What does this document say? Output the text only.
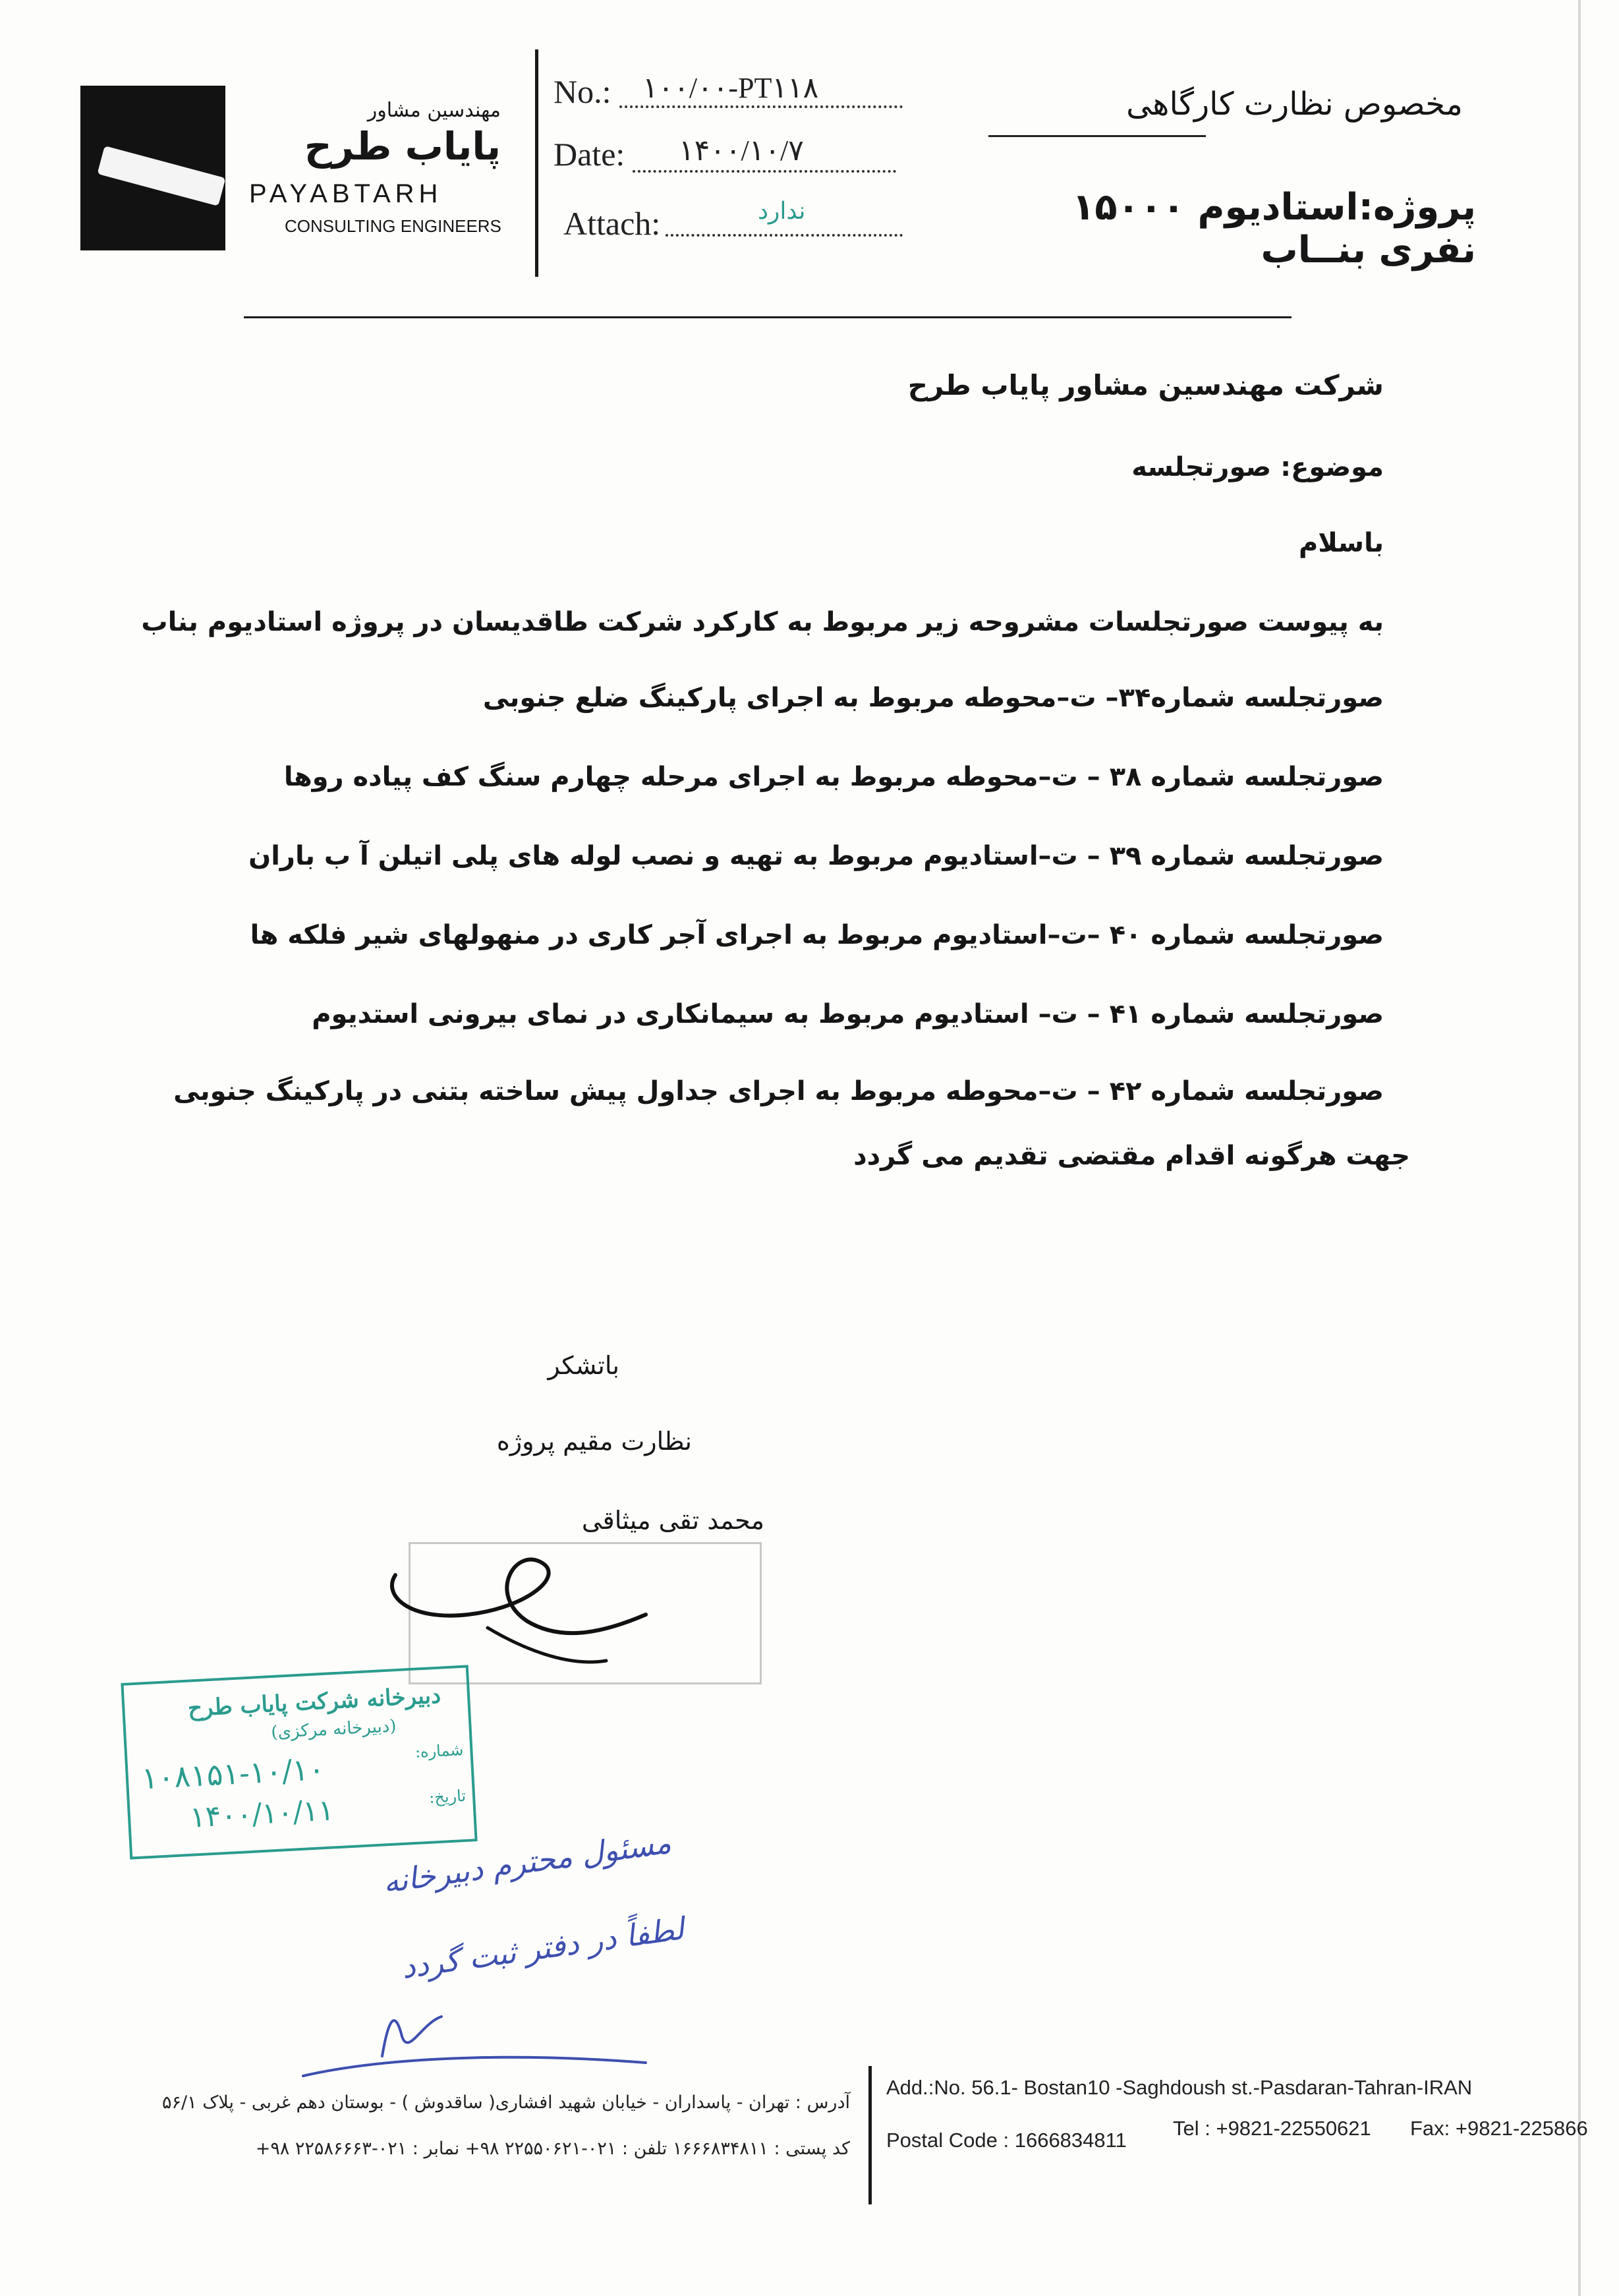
مهندسین مشاور
پایاب طرح
PAYABTARH
CONSULTING ENGINEERS
No.: ۱۰۰/۰۰-PT۱۱۸
Date: ۱۴۰۰/۱۰/۷
Attach:	ندارد
مخصوص نظارت کارگاهی
پروژه:استادیوم ۱۵۰۰۰ نفری بنــاب
شرکت مهندسین مشاور پایاب طرح
موضوع: صورتجلسه
باسلام
به پیوست صورتجلسات مشروحه زیر مربوط به کارکرد شرکت طاقدیسان در پروژه استادیوم بناب
صورتجلسه شماره۳۴– ت–محوطه مربوط به اجرای پارکینگ ضلع جنوبی
صورتجلسه شماره ۳۸ – ت–محوطه مربوط به اجرای مرحله چهارم سنگ کف پیاده روها
صورتجلسه شماره ۳۹ – ت–استادیوم مربوط به تهیه و نصب لوله های پلی اتیلن آ ب باران
صورتجلسه شماره ۴۰ –ت–استادیوم مربوط به اجرای آجر کاری در منهولهای شیر فلکه ها
صورتجلسه شماره ۴۱ – ت– استادیوم مربوط به سیمانکاری در نمای بیرونی استدیوم
صورتجلسه شماره ۴۲ – ت–محوطه مربوط به اجرای جداول پیش ساخته بتنی در پارکینگ جنوبی
جهت هرگونه اقدام مقتضی تقدیم می گردد
باتشکر
نظارت مقیم پروژه
محمد تقی میثاقی
دبیرخانه شرکت پایاب طرح
(دبیرخانه مرکزی)
شماره:
۱۰۸۱۵۱-۱۰/۱۰
تاریخ:
۱۴۰۰/۱۰/۱۱
مسئول محترم دبیرخانه
لطفاً در دفتر ثبت گردد
Add.:No. 56.1- Bostan10 -Saghdoush st.-Pasdaran-Tahran-IRAN
Postal Code : 1666834811
Tel : +9821-22550621 Fax: +9821-225866
آدرس : تهران - پاسداران - خیابان شهید افشاری( ساقدوش ) - بوستان دهم غربی - پلاک ۵۶/۱
کد پستی : ۱۶۶۶۸۳۴۸۱۱ تلفن : ۰۲۱-۲۲۵۵۰۶۲۱ ۹۸+ نمابر : ۰۲۱-۲۲۵۸۶۶۶۳ ۹۸+
